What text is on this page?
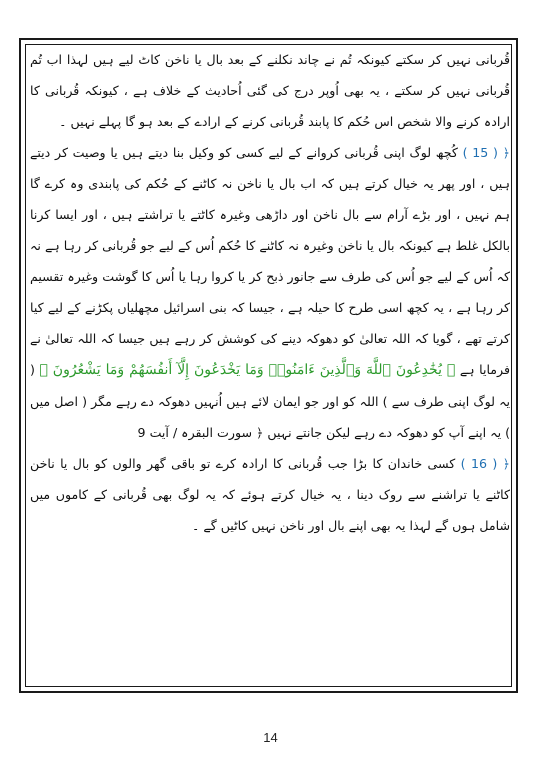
قُربانی نہیں کر سکتے کیونکہ تُم نے چاند نکلنے کے بعد بال یا ناخن کاٹ لیے ہیں لہذا اب تُم قُربانی نہیں کر سکتے ، یہ بھی اُوپر درج کی گئی اُحادیث کے خلاف ہے ، کیونکہ قُربانی کا ارادہ کرنے والا شخص اس حُکم کا پابند قُربانی کرنے کے ارادے کے بعد ہو گا پہلے نہیں ۔

﴿ ( 15 ) کُچھ لوگ اپنی قُربانی کروانے کے لیے کسی کو وکیل بنا دیتے ہیں یا وصیت کر دیتے ہیں ، اور پھر یہ خیال کرتے ہیں کہ اب بال یا ناخن نہ کاٹنے کے حُکم کی پابندی وہ کرے گا ہم نہیں ، اور بڑے آرام سے بال ناخن اور داڑھی وغیرہ کاٹتے یا تراشتے ہیں ، اور ایسا کرنا بالکل غلط ہے کیونکہ بال یا ناخن وغیرہ نہ کاٹنے کا حُکم اُس کے لیے جو قُربانی کر رہا ہے نہ کہ اُس کے لیے جو اُس کی طرف سے جانور ذبح کر یا کروا رہا یا اُس کا گوشت وغیرہ تقسیم کر رہا ہے ، یہ کچھ اسی طرح کا حیلہ ہے ، جیسا کہ بنی اسرائیل مچھلیاں پکڑنے کے لیے کیا کرتے تھے ، گویا کہ اللہ تعالیٰ کو دھوکہ دینے کی کوشش کر رہے ہیں جیسا کہ اللہ تعالیٰ نے فرمایا ہے ﴿ يُخَٰدِعُونَ ٱللَّهَ وَٱلَّذِينَ ءَامَنُوا۟ وَمَا يَخْدَعُونَ إِلَّآ أَنفُسَهُمْ وَمَا يَشْعُرُونَ ﴾ ( یہ لوگ اپنی طرف سے ) اللہ کو اور جو ایمان لائے ہیں اُنہیں دھوکہ دے رہے مگر ( اصل میں ) یہ اپنے آپ کو دھوکہ دے رہے لیکن جانتے نہیں ﴿ سورت البقرہ / آیت 9

﴿ ( 16 ) کسی خاندان کا بڑا جب قُربانی کا ارادہ کرے تو باقی گھر والوں کو بال یا ناخن کاٹنے یا تراشنے سے روک دینا ، یہ خیال کرتے ہوئے کہ یہ لوگ بھی قُربانی کے کاموں میں شامل ہوں گے لہذا یہ بھی اپنے بال اور ناخن نہیں کاٹیں گے ۔

14
